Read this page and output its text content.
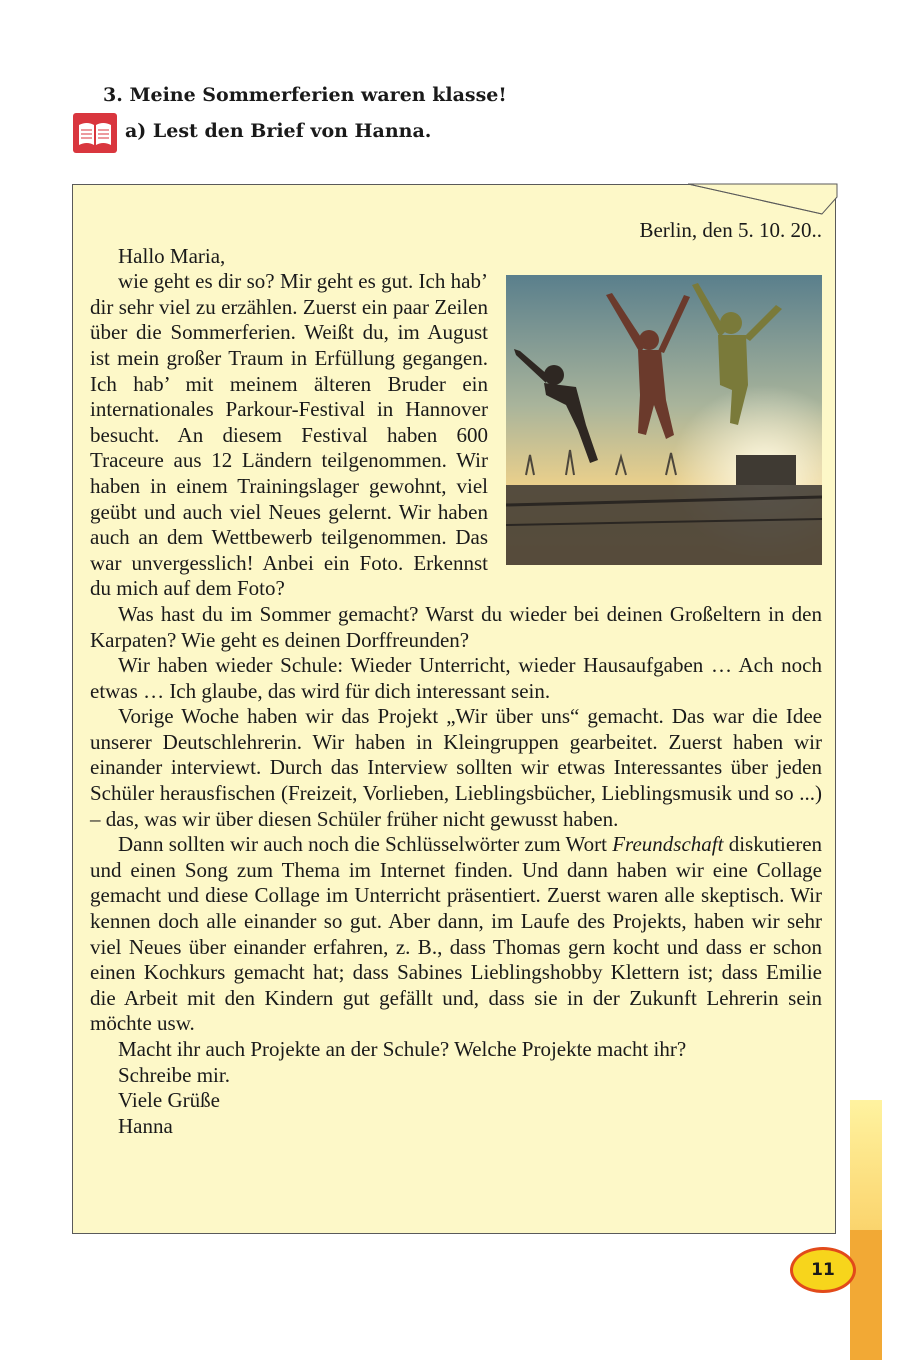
3. Meine Sommerferien waren klasse!
a) Lest den Brief von Hanna.

Berlin, den 5. 10. 20..

Hallo Maria,

wie geht es dir so? Mir geht es gut. Ich hab’ dir sehr viel zu erzählen. Zuerst ein paar Zeilen über die Sommerferien. Weißt du, im August ist mein großer Traum in Erfüllung gegangen. Ich hab’ mit meinem älteren Bruder ein internationales Parkour-Festival in Hannover besucht. An diesem Festival haben 600 Traceure aus 12 Ländern teilgenommen. Wir haben in einem Trainingslager gewohnt, viel geübt und auch viel Neues gelernt. Wir haben auch an dem Wettbewerb teilgenommen. Das war unvergesslich! Anbei ein Foto. Erkennst du mich auf dem Foto?

Was hast du im Sommer gemacht? Warst du wieder bei deinen Großeltern in den Karpaten? Wie geht es deinen Dorffreunden?

Wir haben wieder Schule: Wieder Unterricht, wieder Hausaufgaben … Ach noch etwas … Ich glaube, das wird für dich interessant sein.

Vorige Woche haben wir das Projekt „Wir über uns“ gemacht. Das war die Idee unserer Deutschlehrerin. Wir haben in Kleingruppen gearbeitet. Zuerst haben wir einander interviewt. Durch das Interview sollten wir etwas Interessantes über jeden Schüler herausfischen (Freizeit, Vorlieben, Lieblingsbücher, Lieblingsmusik und so ...) – das, was wir über diesen Schüler früher nicht gewusst haben.

Dann sollten wir auch noch die Schlüsselwörter zum Wort Freundschaft diskutieren und einen Song zum Thema im Internet finden. Und dann haben wir eine Collage gemacht und diese Collage im Unterricht präsentiert. Zuerst waren alle skeptisch. Wir kennen doch alle einander so gut. Aber dann, im Laufe des Projekts, haben wir sehr viel Neues über einander erfahren, z. B., dass Thomas gern kocht und dass er schon einen Kochkurs gemacht hat; dass Sabines Lieblingshobby Klettern ist; dass Emilie die Arbeit mit den Kindern gut gefällt und, dass sie in der Zukunft Lehrerin sein möchte usw.

Macht ihr auch Projekte an der Schule? Welche Projekte macht ihr?

Schreibe mir.

Viele Grüße

Hanna

11
